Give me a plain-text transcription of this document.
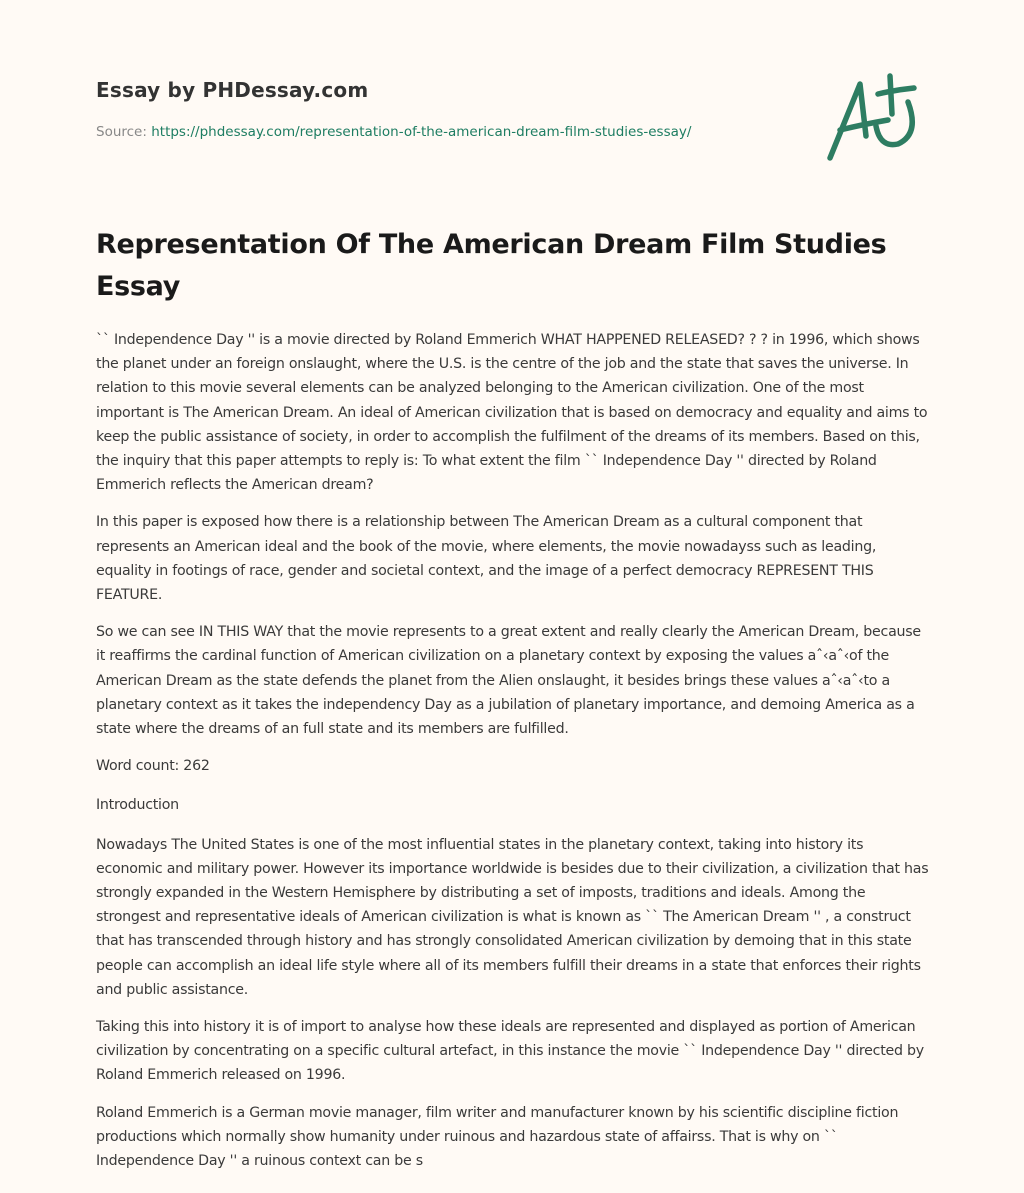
Essay by PHDessay.com
Source: https://phdessay.com/representation-of-the-american-dream-film-studies-essay/
Representation Of The American Dream Film Studies Essay

`` Independence Day '' is a movie directed by Roland Emmerich WHAT HAPPENED RELEASED? ? ? in 1996, which shows the planet under an foreign onslaught, where the U.S. is the centre of the job and the state that saves the universe. In relation to this movie several elements can be analyzed belonging to the American civilization. One of the most important is The American Dream. An ideal of American civilization that is based on democracy and equality and aims to keep the public assistance of society, in order to accomplish the fulfilment of the dreams of its members. Based on this, the inquiry that this paper attempts to reply is: To what extent the film `` Independence Day '' directed by Roland Emmerich reflects the American dream?

In this paper is exposed how there is a relationship between The American Dream as a cultural component that represents an American ideal and the book of the movie, where elements, the movie nowadayss such as leading, equality in footings of race, gender and societal context, and the image of a perfect democracy REPRESENT THIS FEATURE.

So we can see IN THIS WAY that the movie represents to a great extent and really clearly the American Dream, because it reaffirms the cardinal function of American civilization on a planetary context by exposing the values aˆ‹aˆ‹of the American Dream as the state defends the planet from the Alien onslaught, it besides brings these values aˆ‹aˆ‹to a planetary context as it takes the independency Day as a jubilation of planetary importance, and demoing America as a state where the dreams of an full state and its members are fulfilled.

Word count: 262

Introduction

Nowadays The United States is one of the most influential states in the planetary context, taking into history its economic and military power. However its importance worldwide is besides due to their civilization, a civilization that has strongly expanded in the Western Hemisphere by distributing a set of imposts, traditions and ideals. Among the strongest and representative ideals of American civilization is what is known as `` The American Dream '' , a construct that has transcended through history and has strongly consolidated American civilization by demoing that in this state people can accomplish an ideal life style where all of its members fulfill their dreams in a state that enforces their rights and public assistance.

Taking this into history it is of import to analyse how these ideals are represented and displayed as portion of American civilization by concentrating on a specific cultural artefact, in this instance the movie `` Independence Day '' directed by Roland Emmerich released on 1996.

Roland Emmerich is a German movie manager, film writer and manufacturer known by his scientific discipline fiction productions which normally show humanity under ruinous and hazardous state of affairss. That is why on `` Independence Day '' a ruinous context can be s
